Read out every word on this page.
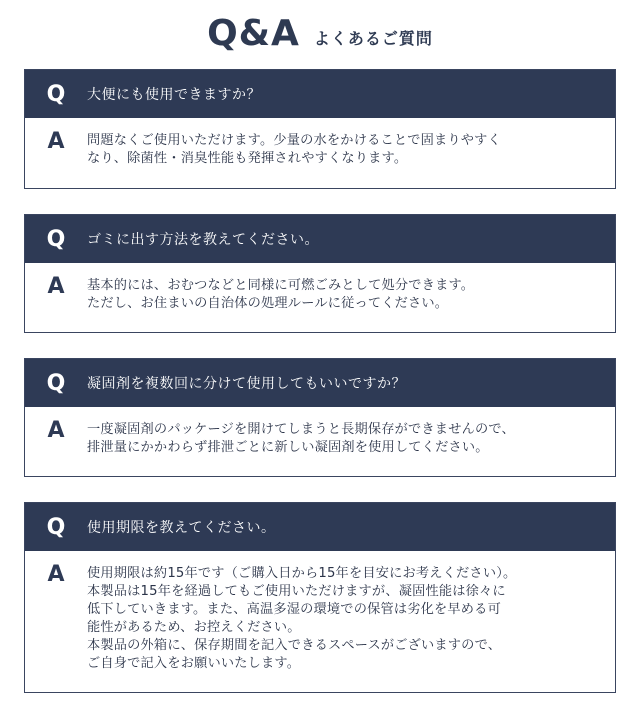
Q&A よくあるご質問
Q	大便にも使用できますか？
A	問題なくご使用いただけます。少量の水をかけることで固まりやすく
なり、除菌性・消臭性能も発揮されやすくなります。
Q	ゴミに出す方法を教えてください。
A	基本的には、おむつなどと同様に可燃ごみとして処分できます。
ただし、お住まいの自治体の処理ルールに従ってください。
Q	凝固剤を複数回に分けて使用してもいいですか？
A	一度凝固剤のパッケージを開けてしまうと長期保存ができませんので、
排泄量にかかわらず排泄ごとに新しい凝固剤を使用してください。
Q	使用期限を教えてください。
A	使用期限は約15年です（ご購入日から15年を目安にお考えください）。
本製品は15年を経過してもご使用いただけますが、凝固性能は徐々に
低下していきます。また、高温多湿の環境での保管は劣化を早める可
能性があるため、お控えください。
本製品の外箱に、保存期間を記入できるスペースがございますので、
ご自身で記入をお願いいたします。
